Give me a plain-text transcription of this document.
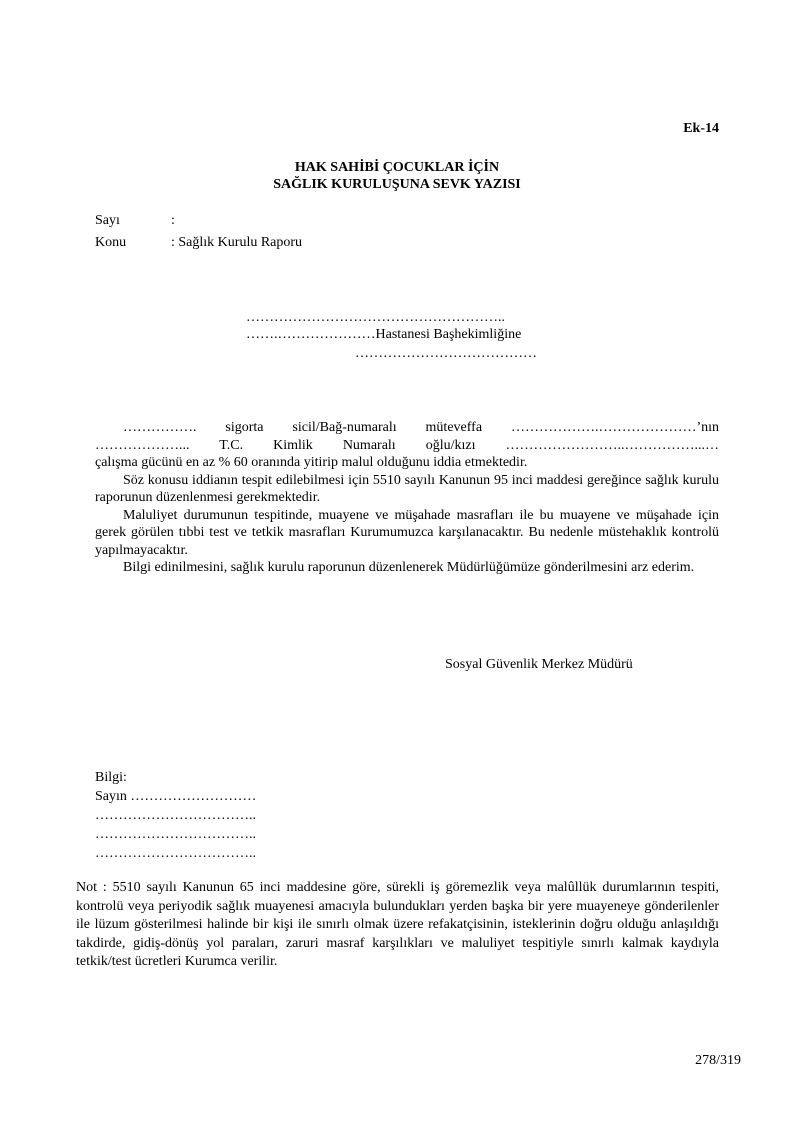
Ek-14
HAK SAHİBİ ÇOCUKLAR İÇİN
SAĞLIK KURULUŞUNA SEVK YAZISI
Sayı	:
Konu	: Sağlık Kurulu Raporu
………………………………………………..
…….…………………Hastanesi Başhekimliğine
…………………………………

……………. sigorta sicil/Bağ-numaralı müteveffa ……………….…………………’nın

………………... T.C. Kimlik Numaralı oğlu/kızı ……………………..……………...…

çalışma gücünü en az % 60 oranında yitirip malul olduğunu iddia etmektedir.

Söz konusu iddianın tespit edilebilmesi için 5510 sayılı Kanunun 95 inci maddesi gereğince sağlık kurulu raporunun düzenlenmesi gerekmektedir.

Maluliyet durumunun tespitinde, muayene ve müşahade masrafları ile bu muayene ve müşahade için gerek görülen tıbbi test ve tetkik masrafları Kurumumuzca karşılanacaktır. Bu nedenle müstehaklık kontrolü yapılmayacaktır.

Bilgi edinilmesini, sağlık kurulu raporunun düzenlenerek Müdürlüğümüze gönderilmesini arz ederim.

Sosyal Güvenlik Merkez Müdürü
Bilgi:
Sayın ………………………
……………………………..
……………………………..
……………………………..
Not : 5510 sayılı Kanunun 65 inci maddesine göre, sürekli iş göremezlik veya malûllük durumlarının tespiti, kontrolü veya periyodik sağlık muayenesi amacıyla bulundukları yerden başka bir yere muayeneye gönderilenler ile lüzum gösterilmesi halinde bir kişi ile sınırlı olmak üzere refakatçisinin, isteklerinin doğru olduğu anlaşıldığı takdirde, gidiş-dönüş yol paraları, zaruri masraf karşılıkları ve maluliyet tespitiyle sınırlı kalmak kaydıyla tetkik/test ücretleri Kurumca verilir.
278/319
